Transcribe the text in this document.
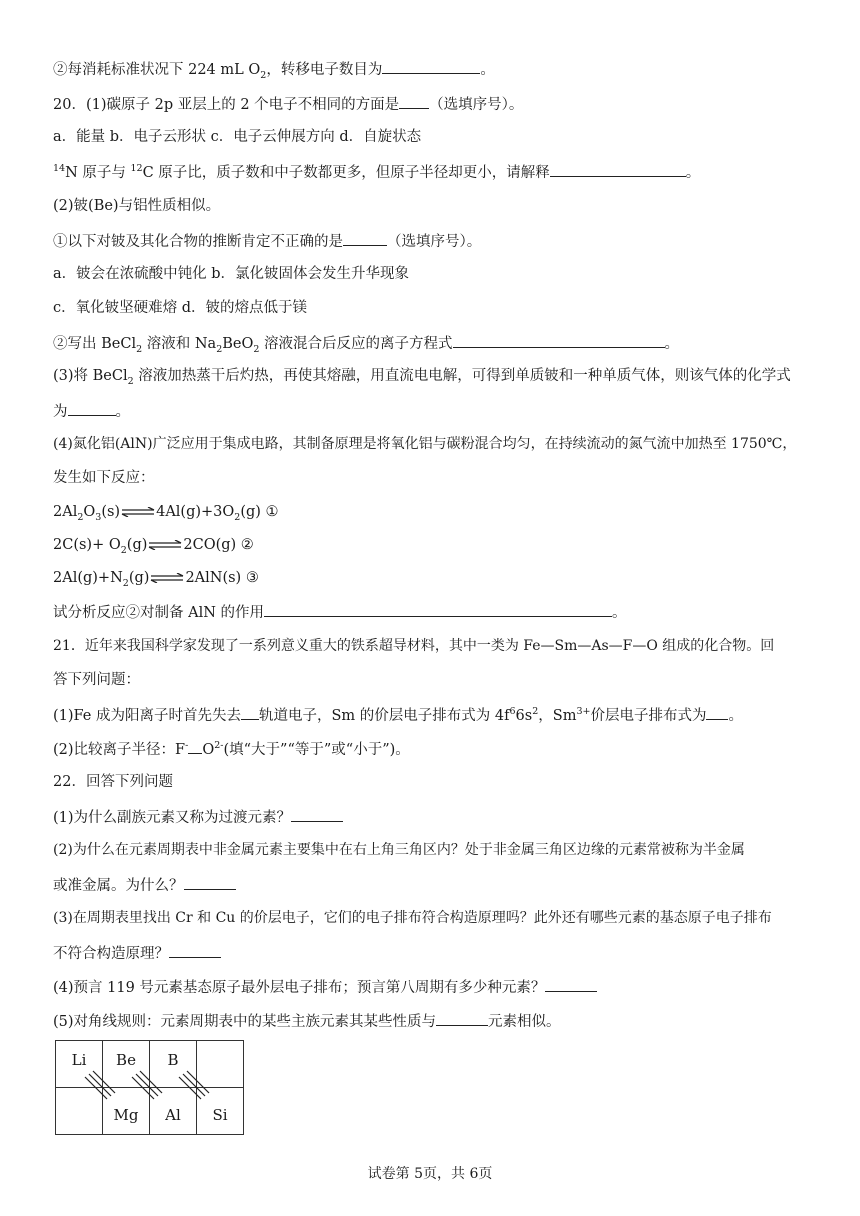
②每消耗标准状况下 224 mL $O_2$，转移电子数目为	。
20．(1)碳原子 2p 亚层上的 2 个电子不相同的方面是 （选填序号）。
a．能量 b．电子云形状 c．电子云伸展方向 d．自旋状态
$^{14}$N 原子与 $^{12}$C 原子比，质子数和中子数都更多，但原子半径却更小，请解释	。
(2)铍(Be)与铝性质相似。
①以下对铍及其化合物的推断肯定不正确的是	（选填序号）。
a．铍会在浓硫酸中钝化 b．氯化铍固体会发生升华现象
c．氧化铍坚硬难熔 d．铍的熔点低于镁
②写出 BeCl$_2$ 溶液和 $Na_2BeO_2$ 溶液混合后反应的离子方程式	。
(3)将 BeCl$_2$ 溶液加热蒸干后灼热，再使其熔融，用直流电电解，可得到单质铍和一种单质气体，则该气体的化学式
为	。
(4)氮化铝(AlN)广泛应用于集成电路，其制备原理是将氧化铝与碳粉混合均匀，在持续流动的氮气流中加热至 1750℃，
发生如下反应：
$2Al_2O_3(s)\rightleftharpoons 4Al(g)+3O_2(g)$ ①
$2C(s)+ O_2(g)\rightleftharpoons 2CO(g)$ ②
$2Al(g)+N_2(g)\rightleftharpoons 2AlN(s)$ ③
试分析反应②对制备 AlN 的作用	。
21．近年来我国科学家发现了一系列意义重大的铁系超导材料，其中一类为 Fe—Sm—As—F—O 组成的化合物。回
答下列问题：
(1)Fe 成为阳离子时首先失去 轨道电子，Sm 的价层电子排布式为 $4f^66s^2$，$Sm^{3+}$价层电子排布式为 。
(2)比较离子半径：F- $O^{2-}$(填“大于”“等于”或“小于”)。
22．回答下列问题
(1)为什么副族元素又称为过渡元素？
(2)为什么在元素周期表中非金属元素主要集中在右上角三角区内？处于非金属三角区边缘的元素常被称为半金属
或准金属。为什么？
(3)在周期表里找出 Cr 和 Cu 的价层电子，它们的电子排布符合构造原理吗？此外还有哪些元素的基态原子电子排布
不符合构造原理？
(4)预言 119 号元素基态原子最外层电子排布；预言第八周期有多少种元素？
(5)对角线规则：元素周期表中的某些主族元素其某些性质与	元素相似。
Li	Be	B	

	Mg	Al	Si
试卷第 5页，共 6页
